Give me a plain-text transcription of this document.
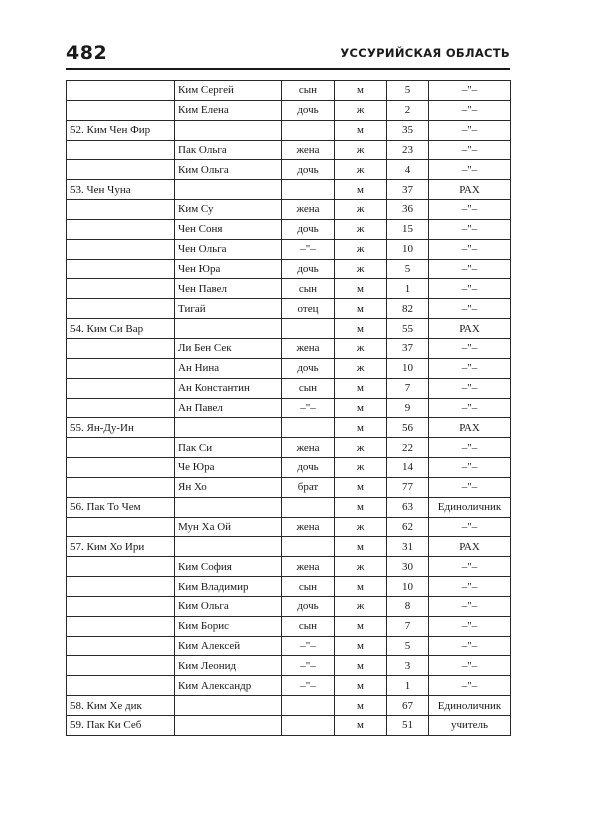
482	УССУРИЙСКАЯ ОБЛАСТЬ
	Ким Сергей	сын	м	5	–"–
	Ким Елена	дочь	ж	2	–"–
52. Ким Чен Фир			м	35	–"–
	Пак Ольга	жена	ж	23	–"–
	Ким Ольга	дочь	ж	4	–"–
53. Чен Чуна			м	37	РАХ
	Ким Су	жена	ж	36	–"–
	Чен Соня	дочь	ж	15	–"–
	Чен Ольга	–"–	ж	10	–"–
	Чен Юра	дочь	ж	5	–"–
	Чен Павел	сын	м	1	–"–
	Тигай	отец	м	82	–"–
54. Ким Си Вар			м	55	РАХ
	Ли Бен Сек	жена	ж	37	–"–
	Ан Нина	дочь	ж	10	–"–
	Ан Константин	сын	м	7	–"–
	Ан Павел	–"–	м	9	–"–
55. Ян-Ду-Ин			м	56	РАХ
	Пак Си	жена	ж	22	–"–
	Че Юра	дочь	ж	14	–"–
	Ян Хо	брат	м	77	–"–
56. Пак То Чем			м	63	Единоличник
	Мун Ха Ой	жена	ж	62	–"–
57. Ким Хо Ири			м	31	РАХ
	Ким София	жена	ж	30	–"–
	Ким Владимир	сын	м	10	–"–
	Ким Ольга	дочь	ж	8	–"–
	Ким Борис	сын	м	7	–"–
	Ким Алексей	–"–	м	5	–"–
	Ким Леонид	–"–	м	3	–"–
	Ким Александр	–"–	м	1	–"–
58. Ким Хе дик			м	67	Единоличник
59. Пак Ки Себ			м	51	учитель
